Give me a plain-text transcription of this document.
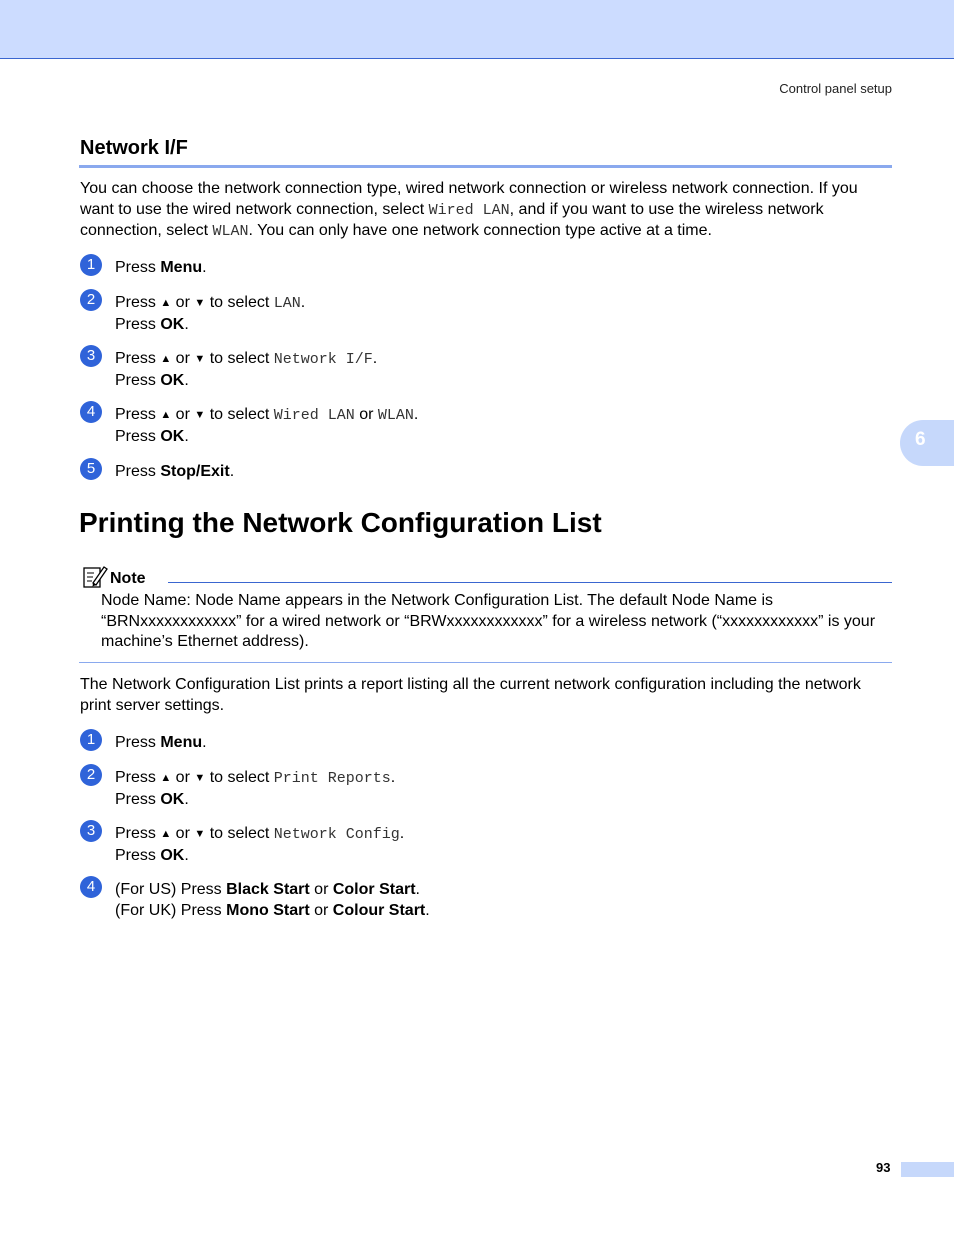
Control panel setup
6
Network I/F

You can choose the network connection type, wired network connection or wireless network connection. If you want to use the wired network connection, select Wired LAN, and if you want to use the wireless network connection, select WLAN. You can only have one network connection type active at a time.

1	Press Menu.
2	Press ▲ or ▼ to select LAN.
Press OK.
3	Press ▲ or ▼ to select Network I/F.
Press OK.
4	Press ▲ or ▼ to select Wired LAN or WLAN.
Press OK.
5	Press Stop/Exit.
Printing the Network Configuration List
Note

Node Name: Node Name appears in the Network Configuration List. The default Node Name is “BRNxxxxxxxxxxxx” for a wired network or “BRWxxxxxxxxxxxx” for a wireless network (“xxxxxxxxxxxx” is your machine’s Ethernet address).

The Network Configuration List prints a report listing all the current network configuration including the network print server settings.

1	Press Menu.
2	Press ▲ or ▼ to select Print Reports.
Press OK.
3	Press ▲ or ▼ to select Network Config.
Press OK.
4	(For US) Press Black Start or Color Start.
(For UK) Press Mono Start or Colour Start.
93
